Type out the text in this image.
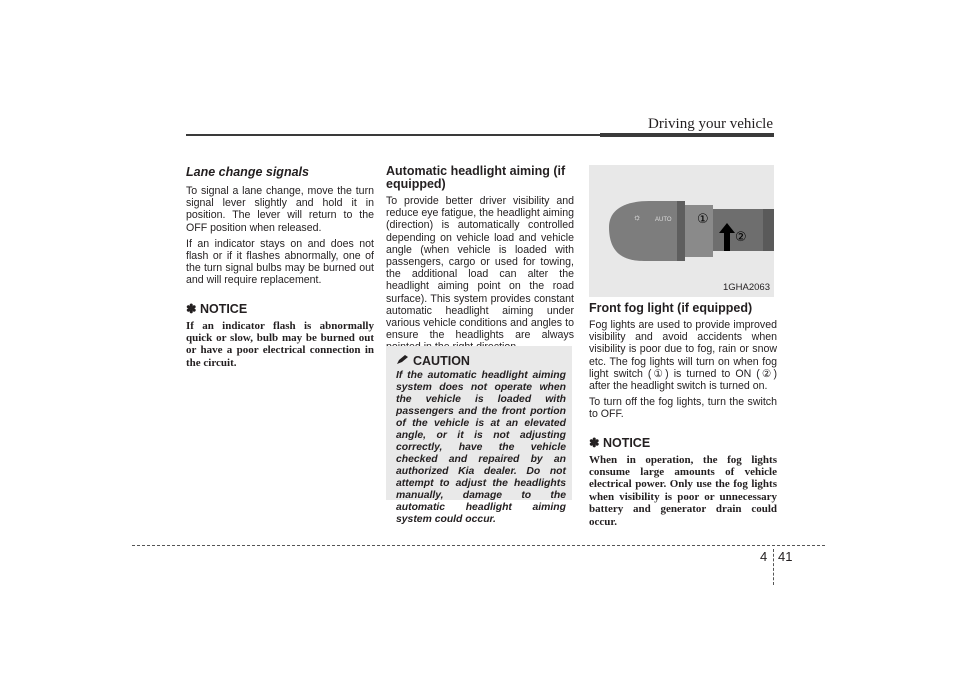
Driving your vehicle
Lane change signals

To signal a lane change, move the turn signal lever slightly and hold it in position. The lever will return to the OFF position when released.

If an indicator stays on and does not flash or if it flashes abnormally, one of the turn signal bulbs may be burned out and will require replacement.

✽ NOTICE

If an indicator flash is abnormally quick or slow, bulb may be burned out or have a poor electrical connection in the circuit.

Automatic headlight aiming (if equipped)

To provide better driver visibility and reduce eye fatigue, the headlight aiming (direction) is automatically controlled depending on vehicle load and vehicle angle (when vehicle is loaded with passengers, cargo or used for towing, the additional load can alter the headlight aiming point on the road surface). This system provides constant automatic headlight aiming under various vehicle conditions and angles to ensure the headlights are always

CAUTION

If the automatic headlight aiming system does not operate when the vehicle is loaded with passengers and the front portion of the vehicle is at an elevated angle, or it is not adjusting correctly, have the vehicle checked and repaired by an authorized Kia dealer. Do not attempt to adjust the headlights manually, damage to the automatic headlight aiming system could occur.

☼ AUTO ①
②
1GHA2063
Front fog light (if equipped)

Fog lights are used to provide improved visibility and avoid accidents when visibility is poor due to fog, rain or snow etc. The fog lights will turn on when fog light switch (①) is turned to ON (②) after the headlight switch is turned on.

To turn off the fog lights, turn the switch to OFF.

✽ NOTICE

When in operation, the fog lights consume large amounts of vehicle electrical power. Only use the fog lights when visibility is poor or unnecessary battery and generator drain could occur.

4 41
